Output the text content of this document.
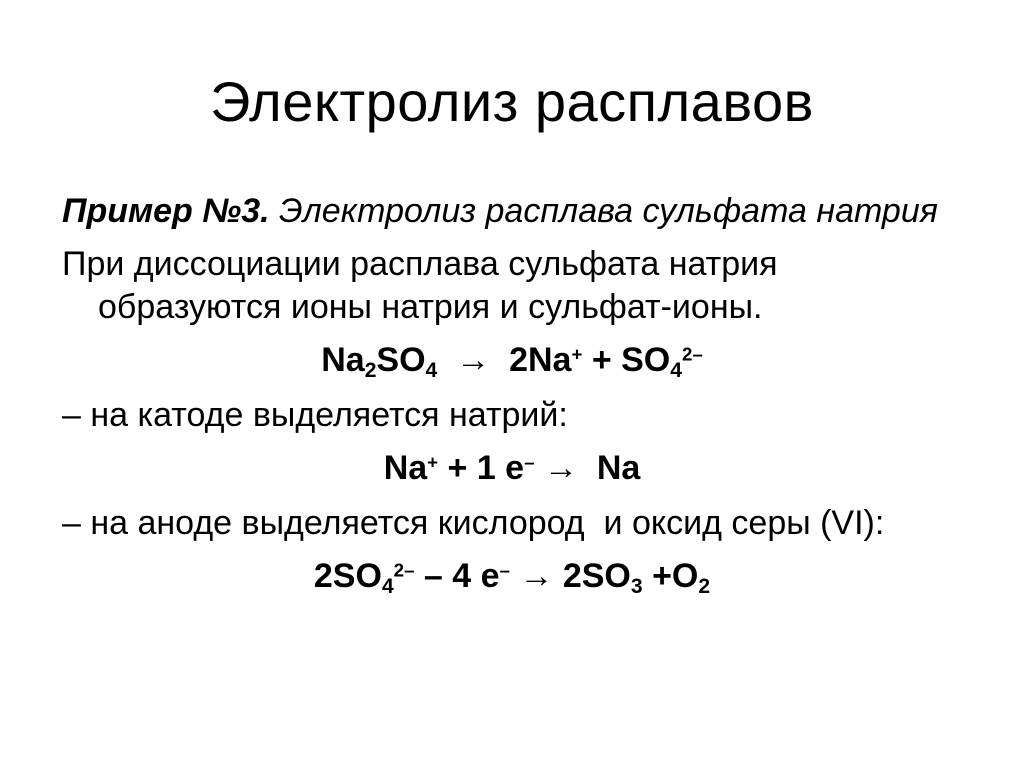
Электролиз расплавов

Пример №3. Электролиз расплава сульфата натрия

При диссоциации расплава сульфата натрия образуются ионы натрия и сульфат-ионы.

$Na_2SO_4 \to 2Na^+ + SO_4^{2-}$

– на катоде выделяется натрий:

Na+ + 1 e– →  Na

– на аноде выделяется кислород  и оксид серы (VI):

$2SO_4^{2-} - 4$ $e^- \to 2SO_3 +O_2$
